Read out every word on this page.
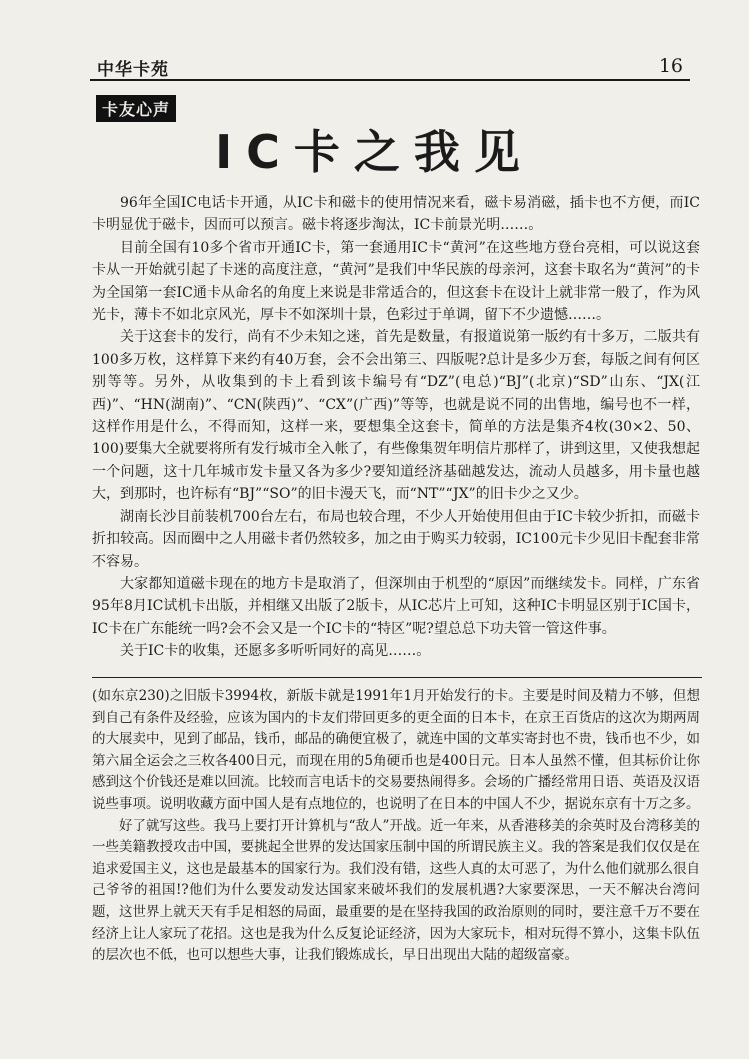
中华卡苑	16
卡友心声
IC卡之我见

96年全国IC电话卡开通，从IC卡和磁卡的使用情况来看，磁卡易消磁，插卡也不方便，而IC卡明显优于磁卡，因而可以预言。磁卡将逐步淘汰，IC卡前景光明……。

目前全国有10多个省市开通IC卡，第一套通用IC卡“黄河”在这些地方登台亮相，可以说这套卡从一开始就引起了卡迷的高度注意，“黄河”是我们中华民族的母亲河，这套卡取名为“黄河”的卡为全国第一套IC通卡从命名的角度上来说是非常适合的，但这套卡在设计上就非常一般了，作为风光卡，薄卡不如北京风光，厚卡不如深圳十景，色彩过于单调，留下不少遗憾……。

关于这套卡的发行，尚有不少未知之迷，首先是数量，有报道说第一版约有十多万，二版共有100多万枚，这样算下来约有40万套，会不会出第三、四版呢?总计是多少万套，每版之间有何区别等等。另外，从收集到的卡上看到该卡编号有“DZ”(电总)“BJ”(北京)“SD”山东、“JX(江西)”、“HN(湖南)”、“CN(陕西)”、“CX”(广西)”等等，也就是说不同的出售地，编号也不一样，这样作用是什么，不得而知，这样一来，要想集全这套卡，简单的方法是集齐4枚(30×2、50、100)要集大全就要将所有发行城市全入帐了，有些像集贺年明信片那样了，讲到这里，又使我想起一个问题，这十几年城市发卡量又各为多少?要知道经济基础越发达，流动人员越多，用卡量也越大，到那时，也许标有“BJ”“SO”的旧卡漫天飞，而“NT”“JX”的旧卡少之又少。

湖南长沙目前装机700台左右，布局也较合理，不少人开始使用但由于IC卡较少折扣，而磁卡折扣较高。因而圈中之人用磁卡者仍然较多，加之由于购买力较弱，IC100元卡少见旧卡配套非常不容易。

大家都知道磁卡现在的地方卡是取消了，但深圳由于机型的“原因”而继续发卡。同样，广东省95年8月IC试机卡出版，并相继又出版了2版卡，从IC芯片上可知，这种IC卡明显区别于IC国卡，IC卡在广东能统一吗?会不会又是一个IC卡的“特区”呢?望总总下功夫管一管这件事。

关于IC卡的收集，还愿多多听听同好的高见……。

(如东京230)之旧版卡3994枚，新版卡就是1991年1月开始发行的卡。主要是时间及精力不够，但想到自己有条件及经验，应该为国内的卡友们带回更多的更全面的日本卡，在京王百货店的这次为期两周的大展卖中，见到了邮品，钱币，邮品的确便宜极了，就连中国的文革实寄封也不贵，钱币也不少，如第六届全运会之三枚各400日元，而现在用的5角硬币也是400日元。日本人虽然不懂，但其标价让你感到这个价钱还是难以回流。比较而言电话卡的交易要热闹得多。会场的广播经常用日语、英语及汉语说些事项。说明收藏方面中国人是有点地位的，也说明了在日本的中国人不少，据说东京有十万之多。

好了就写这些。我马上要打开计算机与“敌人”开战。近一年来，从香港移美的余英时及台湾移美的一些美籍教授攻击中国，要挑起全世界的发达国家压制中国的所谓民族主义。我的答案是我们仅仅是在追求爱国主义，这也是最基本的国家行为。我们没有错，这些人真的太可恶了，为什么他们就那么很自己爷爷的祖国!?他们为什么要发动发达国家来破坏我们的发展机遇?大家要深思，一天不解决台湾问题，这世界上就天天有手足相怒的局面，最重要的是在坚持我国的政治原则的同时，要注意千万不要在经济上让人家玩了花招。这也是我为什么反复论证经济，因为大家玩卡，相对玩得不算小，这集卡队伍的层次也不低，也可以想些大事，让我们锻炼成长，早日出现出大陆的超级富豪。
